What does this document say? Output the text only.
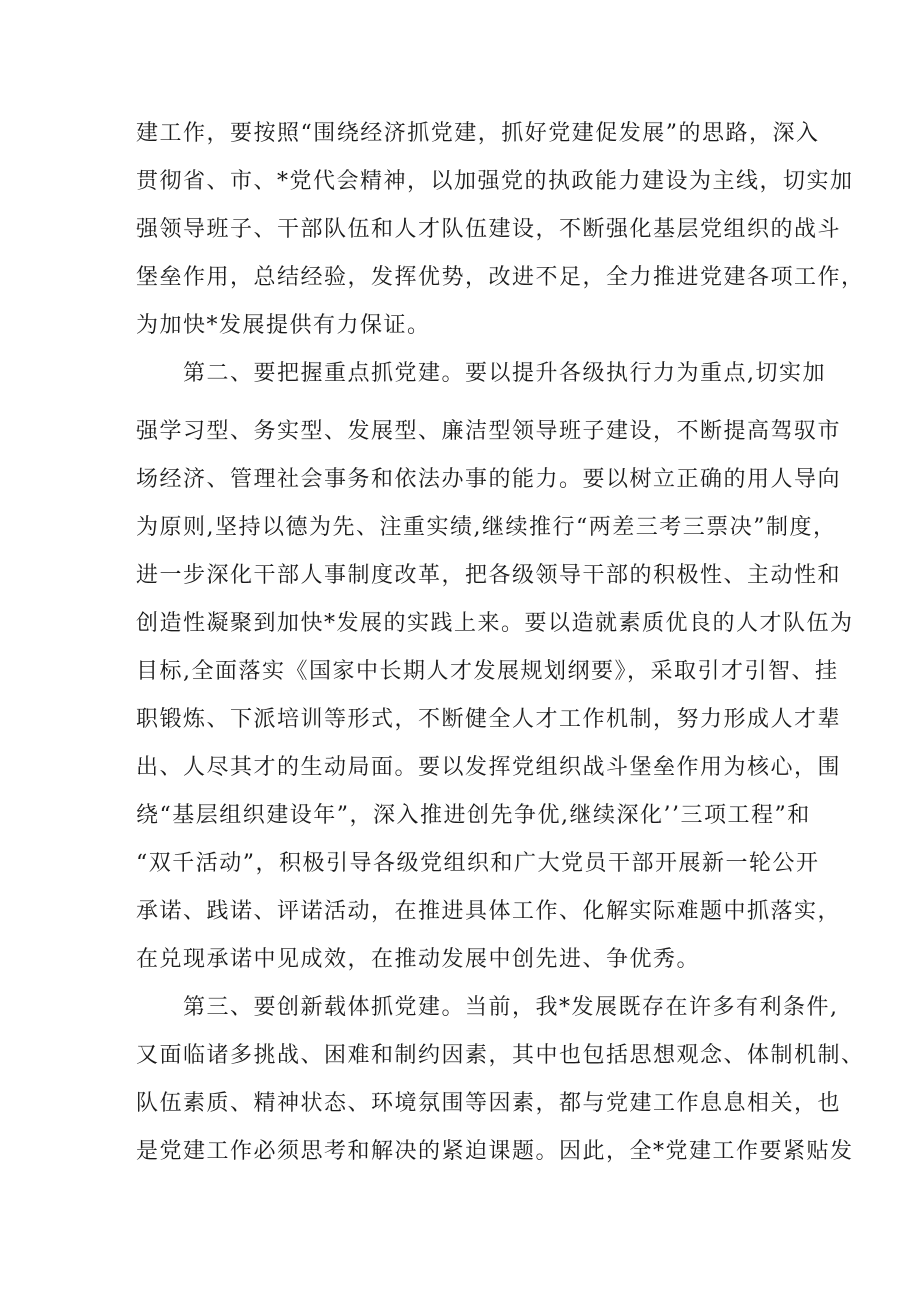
建工作，要按照“围绕经济抓党建，抓好党建促发展”的思路，深入

贯彻省、市、*党代会精神，以加强党的执政能力建设为主线，切实加

强领导班子、干部队伍和人才队伍建设，不断强化基层党组织的战斗

堡垒作用，总结经验，发挥优势，改进不足，全力推进党建各项工作，

为加快*发展提供有力保证。

第二、要把握重点抓党建。要以提升各级执行力为重点,切实加

强学习型、务实型、发展型、廉洁型领导班子建设，不断提高驾驭市

场经济、管理社会事务和依法办事的能力。要以树立正确的用人导向

为原则,坚持以德为先、注重实绩,继续推行“两差三考三票决”制度，

进一步深化干部人事制度改革，把各级领导干部的积极性、主动性和

创造性凝聚到加快*发展的实践上来。要以造就素质优良的人才队伍为

目标,全面落实《国家中长期人才发展规划纲要》，采取引才引智、挂

职锻炼、下派培训等形式，不断健全人才工作机制，努力形成人才辈

出、人尽其才的生动局面。要以发挥党组织战斗堡垒作用为核心，围

绕“基层组织建设年”，深入推进创先争优,继续深化’’三项工程”和

“双千活动”，积极引导各级党组织和广大党员干部开展新一轮公开

承诺、践诺、评诺活动，在推进具体工作、化解实际难题中抓落实，

在兑现承诺中见成效，在推动发展中创先进、争优秀。

第三、要创新载体抓党建。当前，我*发展既存在许多有利条件,

又面临诸多挑战、困难和制约因素，其中也包括思想观念、体制机制、

队伍素质、精神状态、环境氛围等因素，都与党建工作息息相关，也

是党建工作必须思考和解决的紧迫课题。因此，全*党建工作要紧贴发
